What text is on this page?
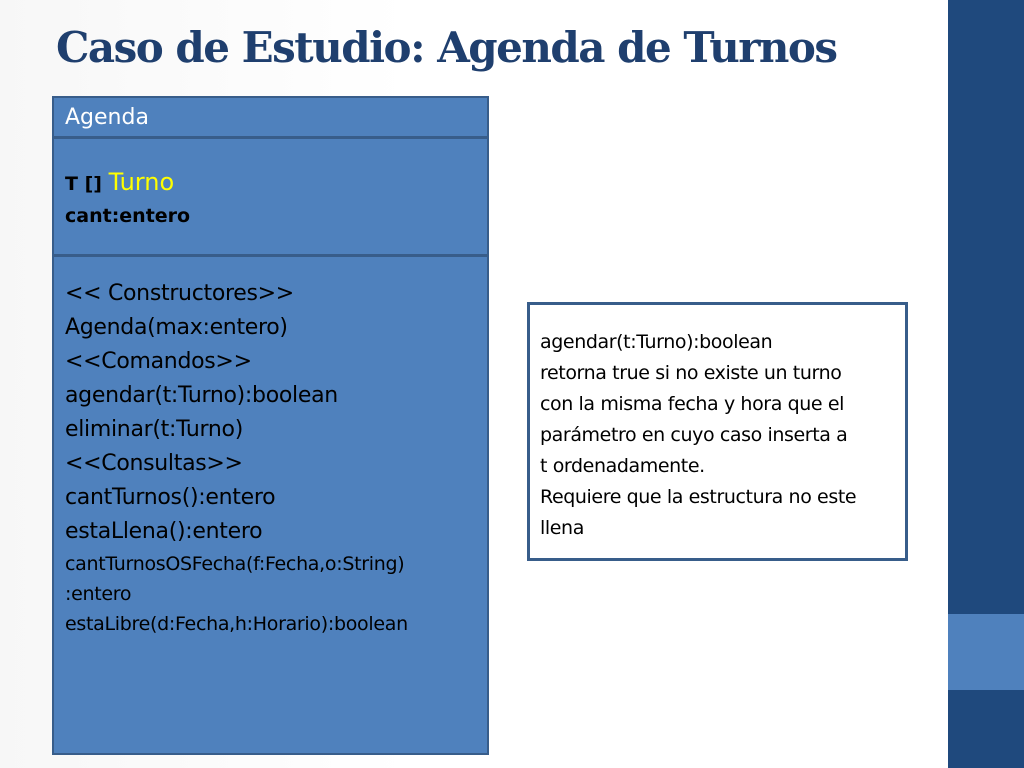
Caso de Estudio: Agenda de Turnos
Agenda
T [] Turno
cant:entero
<< Constructores>>
Agenda(max:entero)
<<Comandos>>
agendar(t:Turno):boolean
eliminar(t:Turno)
<<Consultas>>
cantTurnos():entero
estaLlena():entero
cantTurnosOSFecha(f:Fecha,o:String)
:entero
estaLibre(d:Fecha,h:Horario):boolean
agendar(t:Turno):boolean
retorna true si no existe un turno
con la misma fecha y hora que el
parámetro en cuyo caso inserta a
t ordenadamente.
Requiere que la estructura no este
llena
